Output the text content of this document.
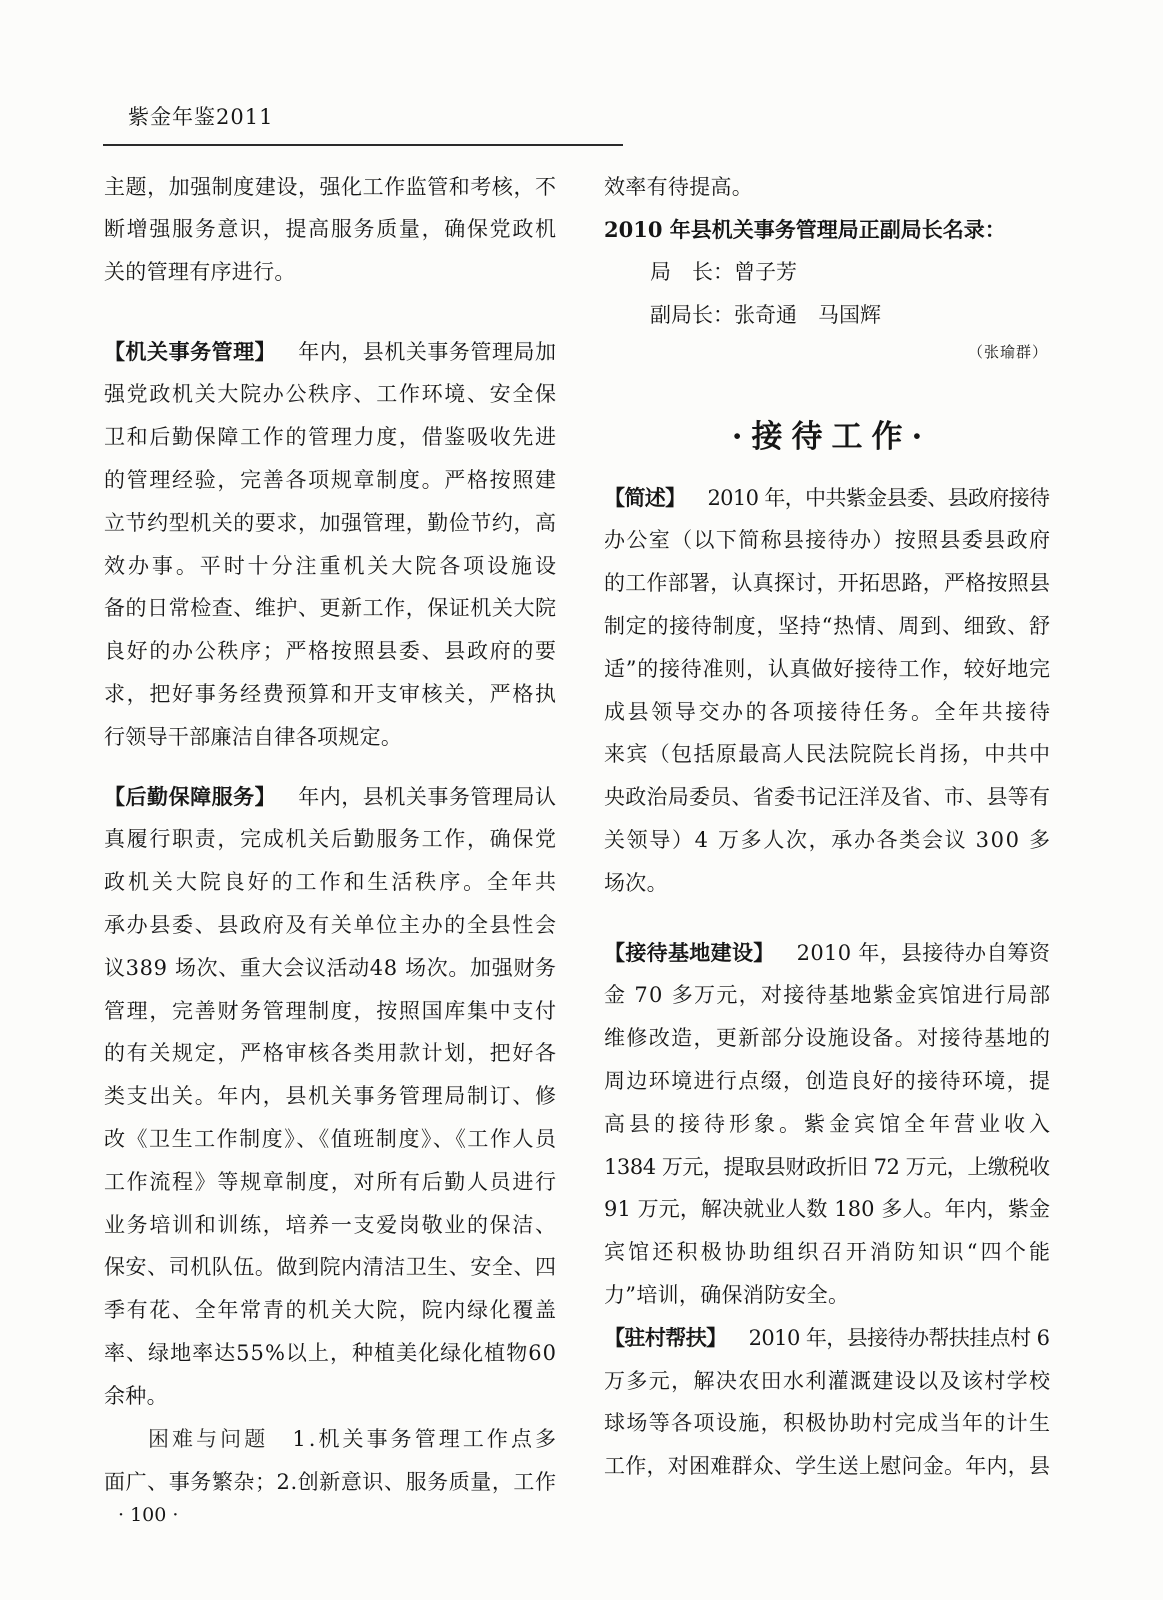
紫金年鉴2011
主题，加强制度建设，强化工作监管和考核，不
断增强服务意识，提高服务质量，确保党政机
关的管理有序进行。
【机关事务管理】 年内，县机关事务管理局加
强党政机关大院办公秩序、工作环境、安全保
卫和后勤保障工作的管理力度，借鉴吸收先进
的管理经验，完善各项规章制度。严格按照建
立节约型机关的要求，加强管理，勤俭节约，高
效办事。平时十分注重机关大院各项设施设
备的日常检查、维护、更新工作，保证机关大院
良好的办公秩序；严格按照县委、县政府的要
求，把好事务经费预算和开支审核关，严格执
行领导干部廉洁自律各项规定。
【后勤保障服务】 年内，县机关事务管理局认
真履行职责，完成机关后勤服务工作，确保党
政机关大院良好的工作和生活秩序。全年共
承办县委、县政府及有关单位主办的全县性会
议389 场次、重大会议活动48 场次。加强财务
管理，完善财务管理制度，按照国库集中支付
的有关规定，严格审核各类用款计划，把好各
类支出关。年内，县机关事务管理局制订、修
改《卫生工作制度》、《值班制度》、《工作人员
工作流程》等规章制度，对所有后勤人员进行
业务培训和训练，培养一支爱岗敬业的保洁、
保安、司机队伍。做到院内清洁卫生、安全、四
季有花、全年常青的机关大院，院内绿化覆盖
率、绿地率达55%以上，种植美化绿化植物60
余种。
困难与问题 1.机关事务管理工作点多
面广、事务繁杂；2.创新意识、服务质量，工作
· 100 ·
效率有待提高。
2010 年县机关事务管理局正副局长名录：
局　长：曾子芳
副局长：张奇通　马国辉
（张瑜群）
·接待工作·
【简述】 2010 年，中共紫金县委、县政府接待
办公室（以下简称县接待办）按照县委县政府
的工作部署，认真探讨，开拓思路，严格按照县
制定的接待制度，坚持“热情、周到、细致、舒
适”的接待准则，认真做好接待工作，较好地完
成县领导交办的各项接待任务。全年共接待
来宾（包括原最高人民法院院长肖扬，中共中
央政治局委员、省委书记汪洋及省、市、县等有
关领导）4 万多人次，承办各类会议 300 多
场次。
【接待基地建设】 2010 年，县接待办自筹资
金 70 多万元，对接待基地紫金宾馆进行局部
维修改造，更新部分设施设备。对接待基地的
周边环境进行点缀，创造良好的接待环境，提
高县的接待形象。紫金宾馆全年营业收入
1384 万元，提取县财政折旧 72 万元，上缴税收
91 万元，解决就业人数 180 多人。年内，紫金
宾馆还积极协助组织召开消防知识“四个能
力”培训，确保消防安全。
【驻村帮扶】 2010 年，县接待办帮扶挂点村 6
万多元，解决农田水利灌溉建设以及该村学校
球场等各项设施，积极协助村完成当年的计生
工作，对困难群众、学生送上慰问金。年内，县
